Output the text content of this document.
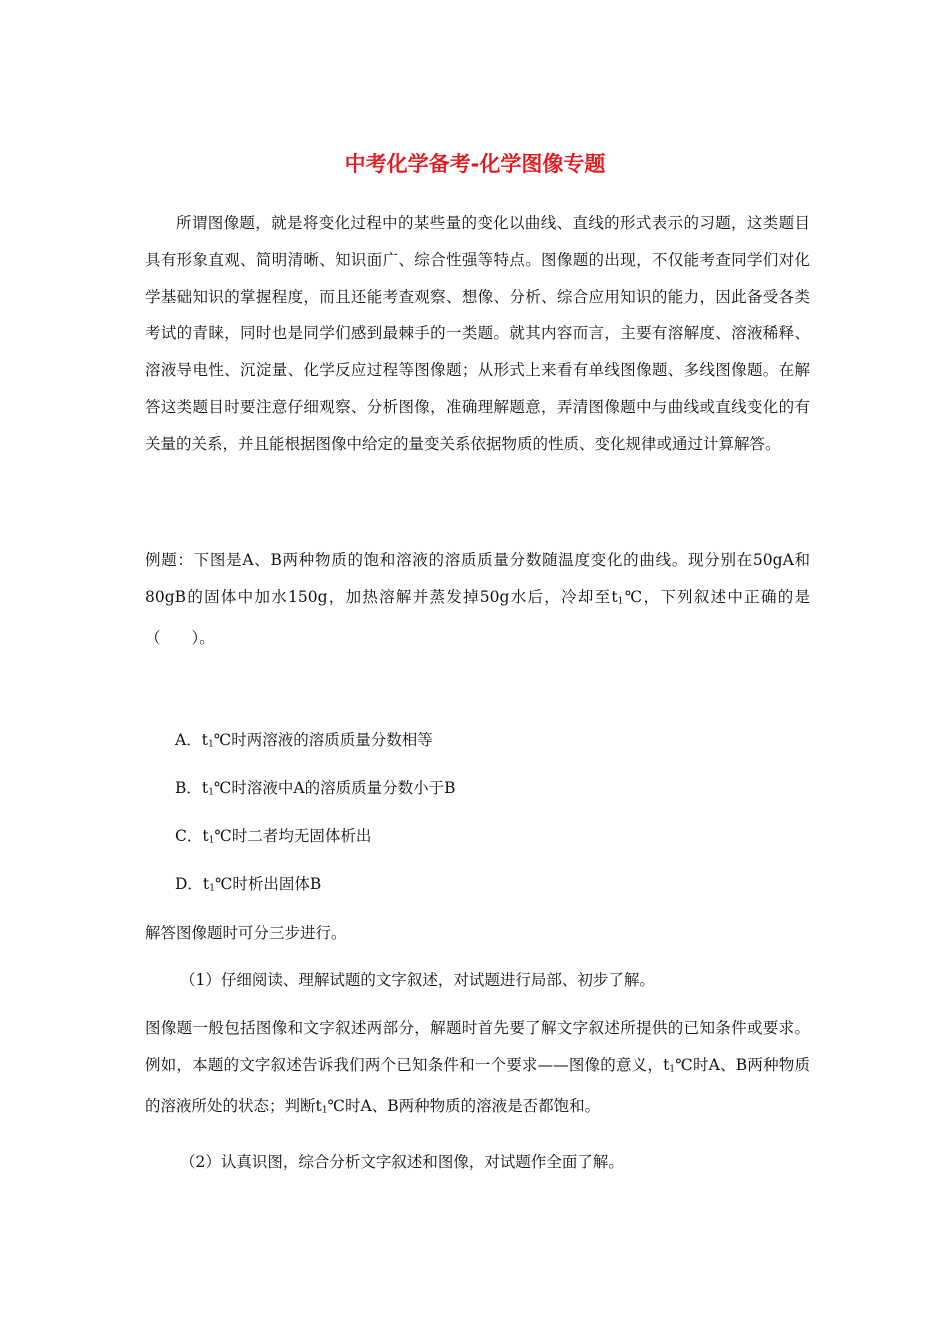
中考化学备考-化学图像专题
所谓图像题，就是将变化过程中的某些量的变化以曲线、直线的形式表示的习题，这类题目具有形象直观、简明清晰、知识面广、综合性强等特点。图像题的出现，不仅能考查同学们对化学基础知识的掌握程度，而且还能考查观察、想像、分析、综合应用知识的能力，因此备受各类考试的青睐，同时也是同学们感到最棘手的一类题。就其内容而言，主要有溶解度、溶液稀释、溶液导电性、沉淀量、化学反应过程等图像题；从形式上来看有单线图像题、多线图像题。在解答这类题目时要注意仔细观察、分析图像，准确理解题意，弄清图像题中与曲线或直线变化的有关量的关系，并且能根据图像中给定的量变关系依据物质的性质、变化规律或通过计算解答。
例题：下图是A、B两种物质的饱和溶液的溶质质量分数随温度变化的曲线。现分别在50gA和80gB的固体中加水150g，加热溶解并蒸发掉50g水后，冷却至$t_1℃$，下列叙述中正确的是（　　）。
A．$t_1℃$时两溶液的溶质质量分数相等
B．$t_1℃$时溶液中A的溶质质量分数小于B
C．$t_1℃$时二者均无固体析出
D．$t_1℃$时析出固体B
解答图像题时可分三步进行。
（1）仔细阅读、理解试题的文字叙述，对试题进行局部、初步了解。
图像题一般包括图像和文字叙述两部分，解题时首先要了解文字叙述所提供的已知条件或要求。例如，本题的文字叙述告诉我们两个已知条件和一个要求——图像的意义，$t_1℃$时A、B两种物质的溶液所处的状态；判断$t_1℃$时A、B两种物质的溶液是否都饱和。
（2）认真识图，综合分析文字叙述和图像，对试题作全面了解。
